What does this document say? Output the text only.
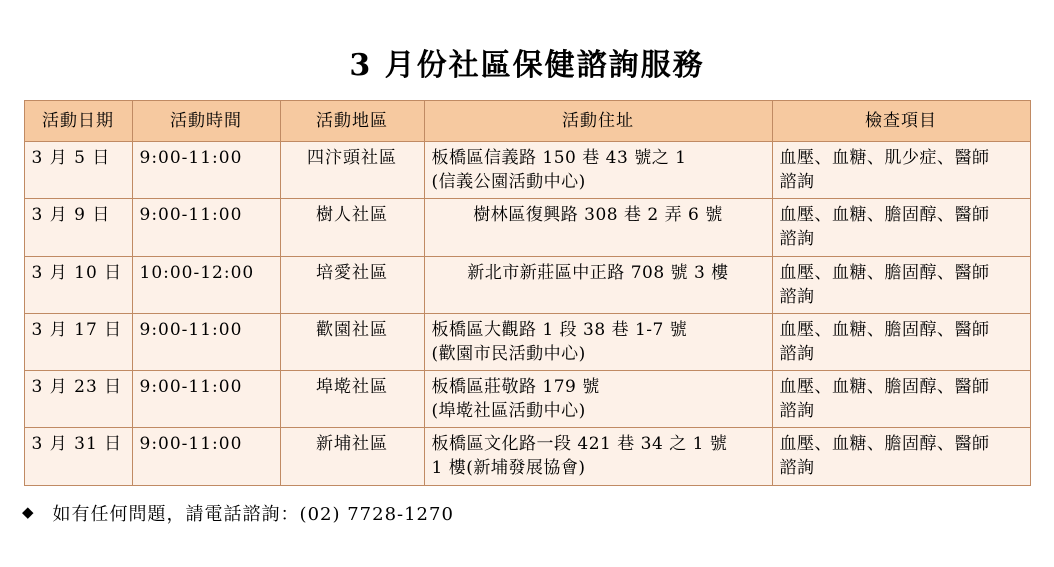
3 月份社區保健諮詢服務
活動日期	活動時間	活動地區	活動住址	檢查項目
3 月 5 日	9:00-11:00	四汴頭社區	板橋區信義路 150 巷 43 號之 1
(信義公園活動中心)	血壓、血糖、肌少症、醫師
諮詢

3 月 9 日	9:00-11:00	樹人社區	樹林區復興路 308 巷 2 弄 6 號	血壓、血糖、膽固醇、醫師
諮詢

3 月 10 日	10:00-12:00	培愛社區	新北市新莊區中正路 708 號 3 樓	血壓、血糖、膽固醇、醫師
諮詢

3 月 17 日	9:00-11:00	歡園社區	板橋區大觀路 1 段 38 巷 1-7 號
(歡園市民活動中心)	血壓、血糖、膽固醇、醫師
諮詢

3 月 23 日	9:00-11:00	埠墘社區	板橋區莊敬路 179 號
(埠墘社區活動中心)	血壓、血糖、膽固醇、醫師
諮詢

3 月 31 日	9:00-11:00	新埔社區	板橋區文化路一段 421 巷 34 之 1 號
1 樓(新埔發展協會)	血壓、血糖、膽固醇、醫師
諮詢
◆ 如有任何問題，請電話諮詢：(02) 7728-1270
